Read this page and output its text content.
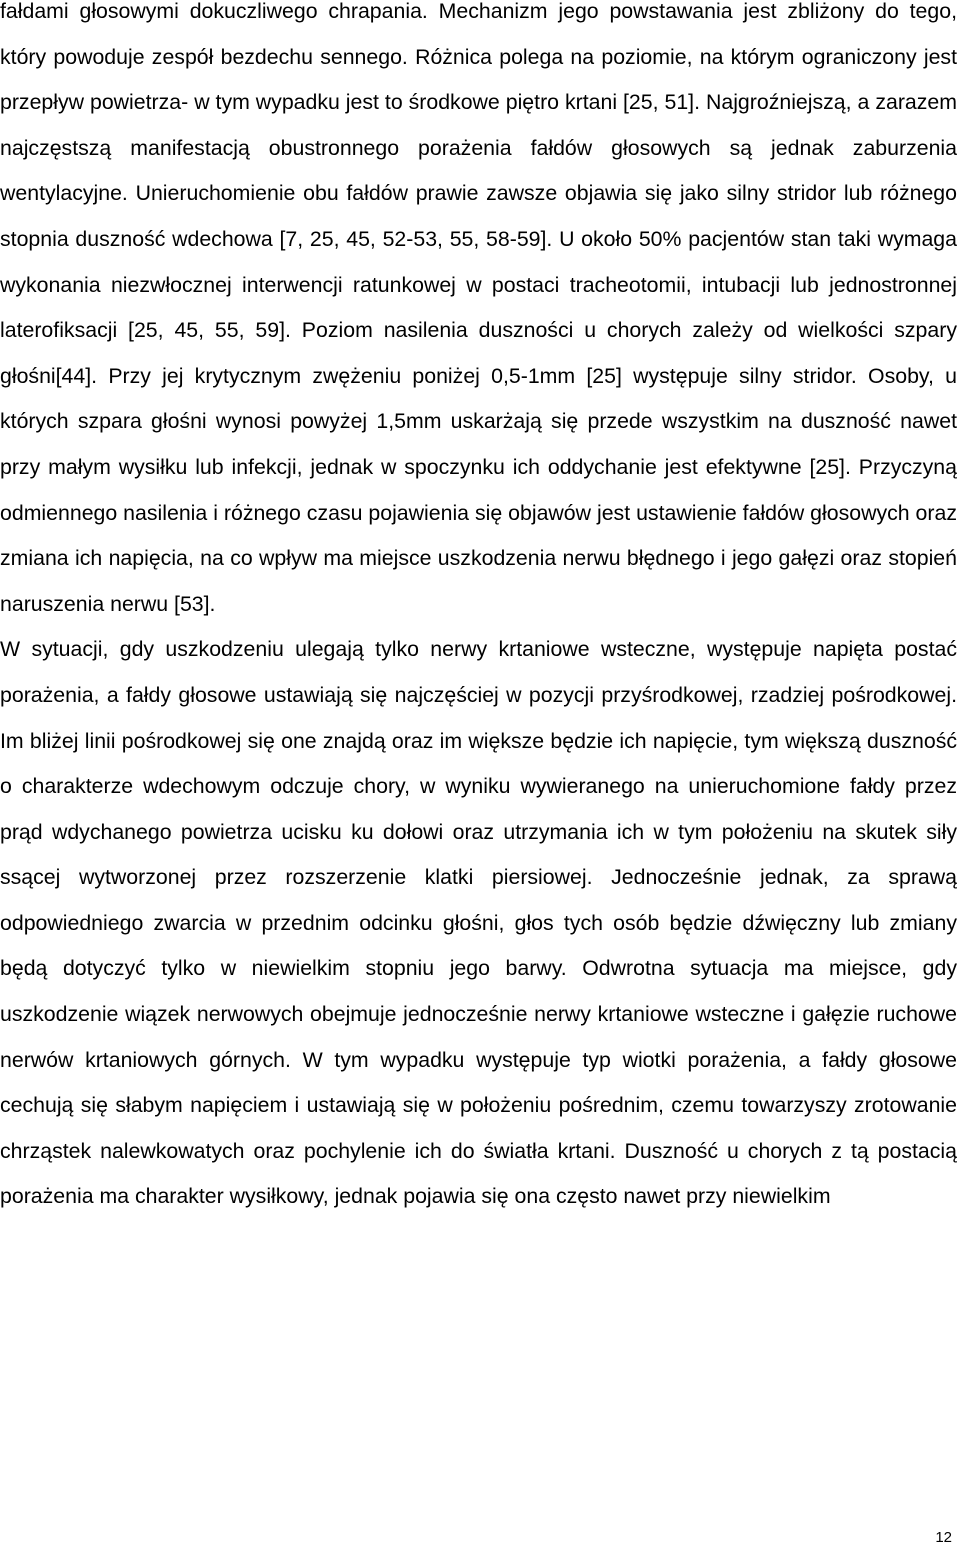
fałdami głosowymi dokuczliwego chrapania. Mechanizm jego powstawania jest zbliżony do tego, który powoduje zespół bezdechu sennego. Różnica polega na poziomie, na którym ograniczony jest przepływ powietrza- w tym wypadku jest to środkowe piętro krtani [25, 51]. Najgroźniejszą, a zarazem najczęstszą manifestacją obustronnego porażenia fałdów głosowych są jednak zaburzenia wentylacyjne. Unieruchomienie obu fałdów prawie zawsze objawia się jako silny stridor lub różnego stopnia duszność wdechowa [7, 25, 45, 52-53, 55, 58-59]. U około 50% pacjentów stan taki wymaga wykonania niezwłocznej interwencji ratunkowej w postaci tracheotomii, intubacji lub jednostronnej laterofiksacji [25, 45, 55, 59]. Poziom nasilenia duszności u chorych zależy od wielkości szpary głośni[44]. Przy jej krytycznym zwężeniu poniżej 0,5-1mm [25] występuje silny stridor. Osoby, u których szpara głośni wynosi powyżej 1,5mm uskarżają się przede wszystkim na duszność nawet przy małym wysiłku lub infekcji, jednak w spoczynku ich oddychanie jest efektywne [25]. Przyczyną odmiennego nasilenia i różnego czasu pojawienia się objawów jest ustawienie fałdów głosowych oraz zmiana ich napięcia, na co wpływ ma miejsce uszkodzenia nerwu błędnego i jego gałęzi oraz stopień naruszenia nerwu [53].

W sytuacji, gdy uszkodzeniu ulegają tylko nerwy krtaniowe wsteczne, występuje napięta postać porażenia, a fałdy głosowe ustawiają się najczęściej w pozycji przyśrodkowej, rzadziej pośrodkowej. Im bliżej linii pośrodkowej się one znajdą oraz im większe będzie ich napięcie, tym większą duszność o charakterze wdechowym odczuje chory, w wyniku wywieranego na unieruchomione fałdy przez prąd wdychanego powietrza ucisku ku dołowi oraz utrzymania ich w tym położeniu na skutek siły ssącej wytworzonej przez rozszerzenie klatki piersiowej. Jednocześnie jednak, za sprawą odpowiedniego zwarcia w przednim odcinku głośni, głos tych osób będzie dźwięczny lub zmiany będą dotyczyć tylko w niewielkim stopniu jego barwy. Odwrotna sytuacja ma miejsce, gdy uszkodzenie wiązek nerwowych obejmuje jednocześnie nerwy krtaniowe wsteczne i gałęzie ruchowe nerwów krtaniowych górnych. W tym wypadku występuje typ wiotki porażenia, a fałdy głosowe cechują się słabym napięciem i ustawiają się w położeniu pośrednim, czemu towarzyszy zrotowanie chrząstek nalewkowatych oraz pochylenie ich do światła krtani. Duszność u chorych z tą postacią porażenia ma charakter wysiłkowy, jednak pojawia się ona często nawet przy niewielkim

12
